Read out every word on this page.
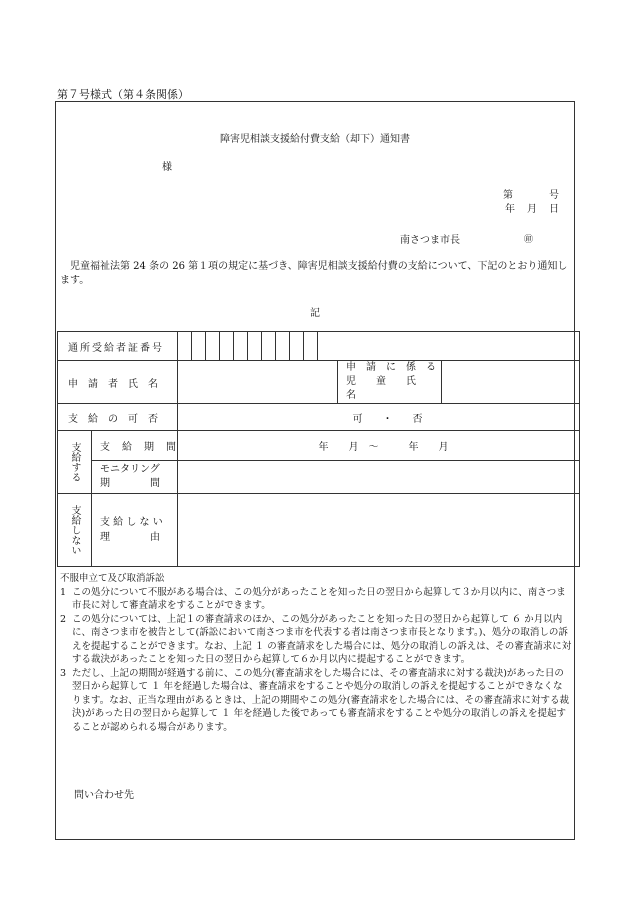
第７号様式（第４条関係）
障害児相談支援給付費支給（却下）通知書
様
第	号
年 月 日
南さつま市長	㊞
　児童福祉法第 24 条の 26 第１項の規定に基づき、障害児相談支援給付費の支給について、下記のとおり通知します。
記
通所受給者証番号														
申　請　者　氏　名													申　請　に　係　る
児　　童　　氏　　名	

支　給　の　可　否		可　　・　　否												

支給する	支　給　期　間	年　　月　～　　　年　　月												

	モニタリング
期　　　　間													

支給しない	支 給 し な い
理　　　　由													

不服申立て及び取消訴訟
1 この処分について不服がある場合は、この処分があったことを知った日の翌日から起算して３か月以内に、南さつま市長に対して審査請求をすることができます。
2 この処分については、上記１の審査請求のほか、この処分があったことを知った日の翌日から起算して ６ か月以内に、南さつま市を被告として(訴訟において南さつま市を代表する者は南さつま市長となります。)、処分の取消しの訴えを提起することができます。なお、上記 １ の審査請求をした場合には、処分の取消しの訴えは、その審査請求に対する裁決があったことを知った日の翌日から起算して６か月以内に提起することができます。
3 ただし、上記の期間が経過する前に、この処分(審査請求をした場合には、その審査請求に対する裁決)があった日の翌日から起算して １ 年を経過した場合は、審査請求をすることや処分の取消しの訴えを提起することができなくなります。なお、正当な理由があるときは、上記の期間やこの処分(審査請求をした場合には、その審査請求に対する裁決)があった日の翌日から起算して １ 年を経過した後であっても審査請求をすることや処分の取消しの訴えを提起することが認められる場合があります。
問い合わせ先
